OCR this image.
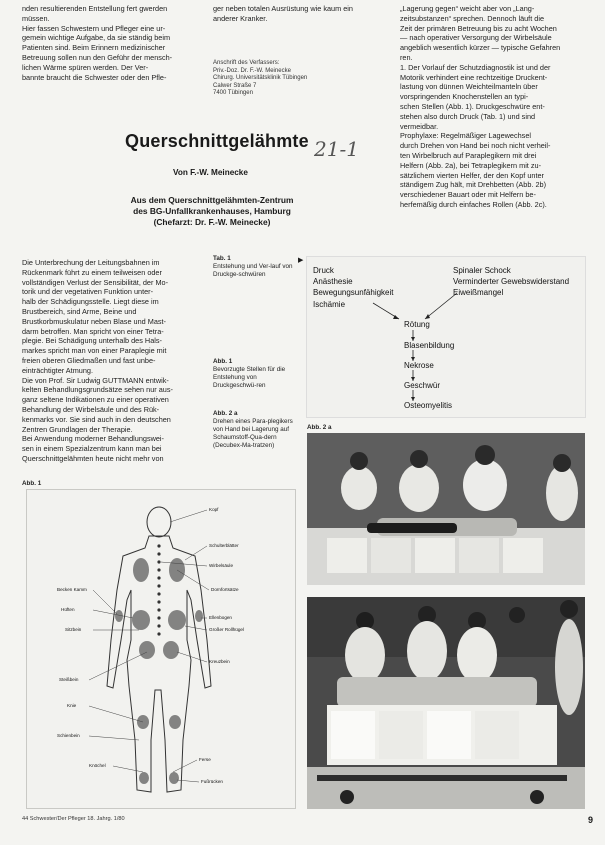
nden resultierenden Entstellung fert gwerden
müssen.
Hier fassen Schwestern und Pfleger eine ur-
gemein wichtige Aufgabe, da sie ständig beim
Patienten sind. Beim Erinnern medizinischer
Betreuung sollen nun den Geführ der mensch-
lichen Wärme spüren werden. Der Ver-
bannte braucht die Schwester oder den Pfle-

ger neben totalen Ausrüstung wie kaum ein
anderer Kranker.

Anschrift des Verfassers:
Priv.-Doz. Dr. F.-W. Meinecke
Chirurg. Universitätsklinik Tübingen
Calwer Straße 7
7400 Tübingen

„Lagerung gegen“ weicht aber von „Lang-
zeitsubstanzen“ sprechen. Dennoch läuft die
Zeit der primären Betreuung bis zu acht Wochen
— nach operativer Versorgung der Wirbelsäule
angeblich wesentlich kürzer — typische Gefahren
ren.
1. Der Vorlauf der Schutzdiagnostik ist und der
Motorik verhindert eine rechtzeitige Druckent-
lastung von dünnen Weichteilmanteln über
vorspringenden Knochenstellen an typi-
schen Stellen (Abb. 1). Druckgeschwüre ent-
stehen also durch Druck (Tab. 1) und sind
vermeidbar.
Prophylaxe: Regelmäßiger Lagewechsel
durch Drehen von Hand bei noch nicht verheil-
ten Wirbelbruch auf Paraplegikern mit drei
Helfern (Abb. 2a), bei Tetraplegikern mit zu-
sätzlichem vierten Helfer, der den Kopf unter
ständigem Zug hält, mit Drehbetten (Abb. 2b)
verschiedener Bauart oder mit Helfern be-
herfemäßig durch einfaches Rollen (Abb. 2c).

Querschnittgelähmte 21-1
Von F.-W. Meinecke
Aus dem Querschnittgelähmten-Zentrum
des BG-Unfallkrankenhauses, Hamburg
(Chefarzt: Dr. F.-W. Meinecke)

Die Unterbrechung der Leitungsbahnen im
Rückenmark führt zu einem teilweisen oder
vollständigen Verlust der Sensibilität, der Mo-
torik und der vegetativen Funktion unter-
halb der Schädigungsstelle. Liegt diese im
Brustbereich, sind Arme, Beine und
Brustkorbmuskulatur neben Blase und Mast-
darm betroffen. Man spricht von einer Tetra-
plegie. Bei Schädigung unterhalb des Hals-
markes spricht man von einer Paraplegie mit
freien oberen Gliedmaßen und fast unbe-
einträchtigter Atmung.
Die von Prof. Sir Ludwig GUTTMANN entwik-
kelten Behandlungsgrundsätze sehen nur aus-
ganz seltene Indikationen zu einer operativen
Behandlung der Wirbelsäule und des Rük-
kenmarks vor. Sie sind auch in den deutschen
Zentren Grundlagen der Therapie.
Bei Anwendung moderner Behandlungswei-
sen in einem Spezialzentrum kann man bei
Querschnittgelähmten heute nicht mehr von

Tab. 1
Entstehung und Ver-lauf von Druckge-schwüren
Abb. 1
Bevorzugte Stellen für die Entstehung von Druckgeschwü-ren
Abb. 2 a
Drehen eines Para-plegikers von Hand bei Lagerung auf Schaumstoff-Qua-dern (Decubex-Ma-tratzen)
Druck
Anästhesie
Bewegungsunfähigkeit
Ischämie
Spinaler Schock
Verminderter Gewebswiderstand
Eiweißmangel
Rötung
Blasenbildung
Nekrose
Geschwür
Osteomyelitis
▶
Abb. 2 a
Abb. 1
Kopf
Schulterblätter
Wirbelsäule
Dornfortsätze
Ellenbogen
Großer Rollhügel
Kreuzbein
Becken Kamm
Hüften
Sitzbein
Steißbein
Knie
Schienbein
Knöchel
Ferse
Fußrücken
44 Schwester/Der Pfleger 18. Jahrg. 1/80	9
